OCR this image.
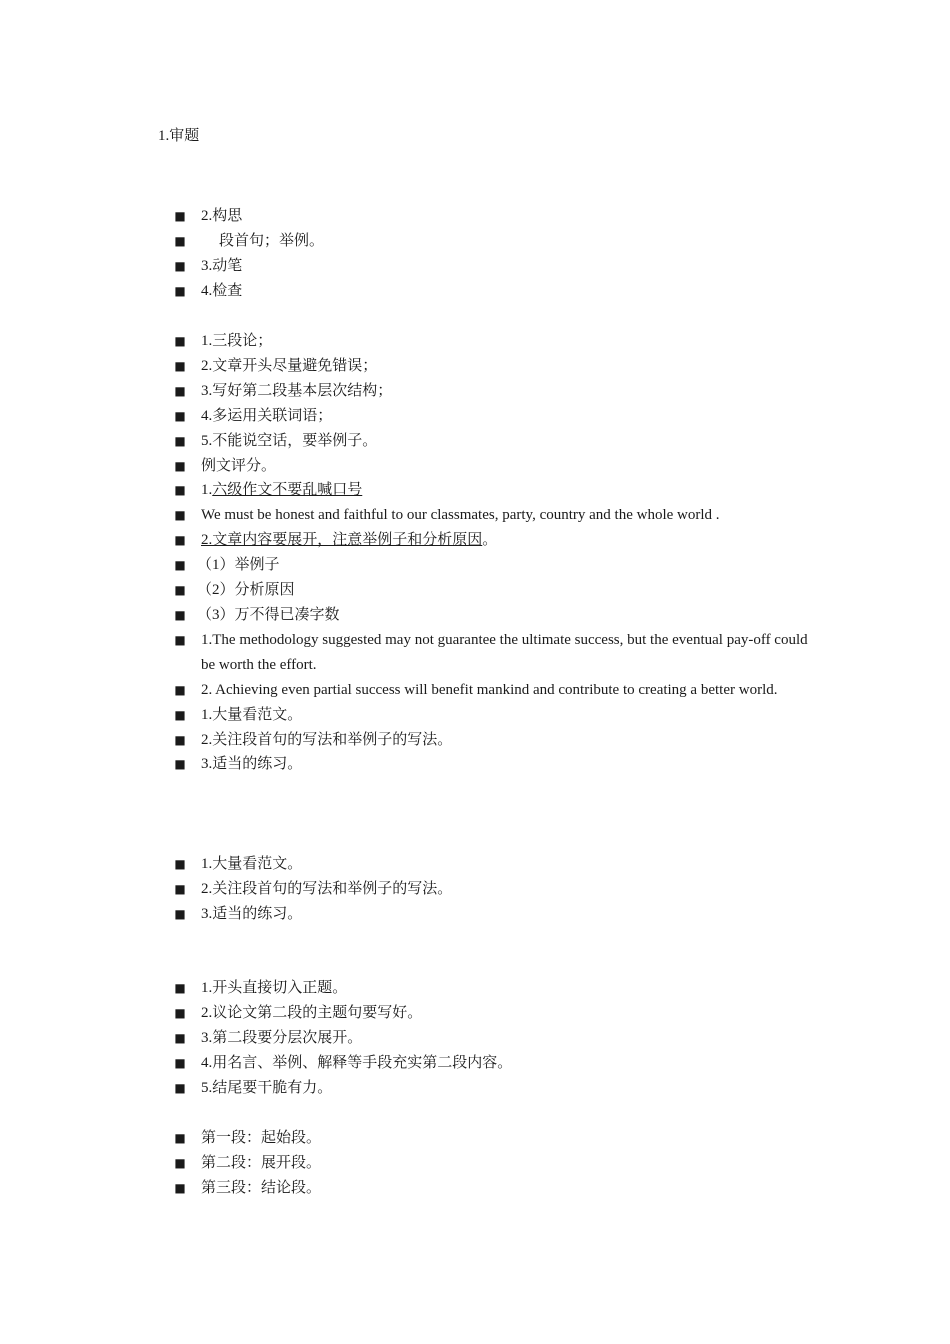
1.审题
■ 2.构思
■ 段首句；举例。
■ 3.动笔
■ 4.检查
■ 1.三段论；
■ 2.文章开头尽量避免错误；
■ 3.写好第二段基本层次结构；
■ 4.多运用关联词语；
■ 5.不能说空话，要举例子。
■ 例文评分。
■ 1.六级作文不要乱喊口号
■ We must be honest and faithful to our classmates, party, country and the whole world .
■ 2.文章内容要展开，注意举例子和分析原因。
■ （1）举例子
■ （2）分析原因
■ （3）万不得已凑字数
■ 1.The methodology suggested may not guarantee the ultimate success, but the eventual pay-off could be worth the effort.
■ 2. Achieving even partial success will benefit mankind and contribute to creating a better world.
■ 1.大量看范文。
■ 2.关注段首句的写法和举例子的写法。
■ 3.适当的练习。
■ 1.大量看范文。
■ 2.关注段首句的写法和举例子的写法。
■ 3.适当的练习。
■ 1.开头直接切入正题。
■ 2.议论文第二段的主题句要写好。
■ 3.第二段要分层次展开。
■ 4.用名言、举例、解释等手段充实第二段内容。
■ 5.结尾要干脆有力。
■ 第一段：起始段。
■ 第二段：展开段。
■ 第三段：结论段。
